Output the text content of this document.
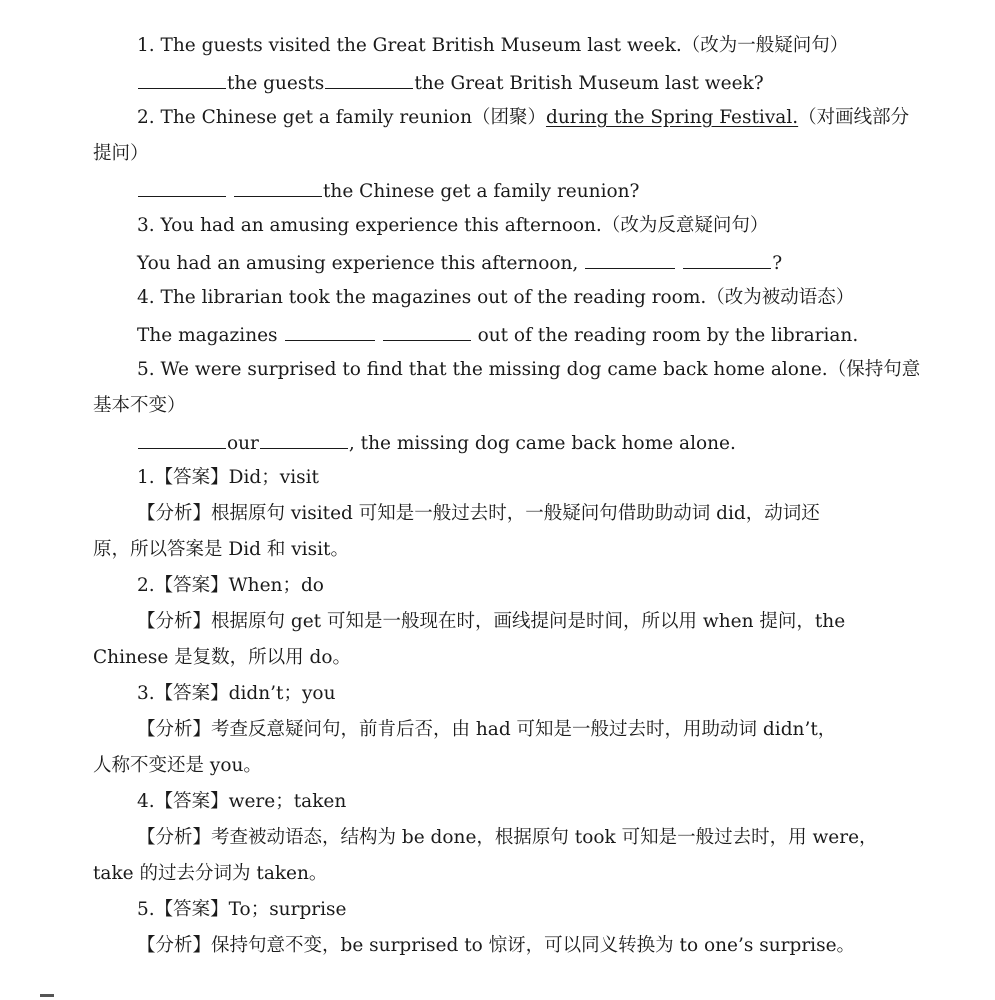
1. The guests visited the Great British Museum last week.（改为一般疑问句）
the guests	the Great British Museum last week?
2. The Chinese get a family reunion（团聚）during the Spring Festival.（对画线部分
提问）
the Chinese get a family reunion?
3. You had an amusing experience this afternoon.（改为反意疑问句）
You had an amusing experience this afternoon,	?
4. The librarian took the magazines out of the reading room.（改为被动语态）
The magazines	out of the reading room by the librarian.
5. We were surprised to find that the missing dog came back home alone.（保持句意
基本不变）
our	, the missing dog came back home alone.
1.【答案】Did；visit
【分析】根据原句 visited 可知是一般过去时，一般疑问句借助助动词 did，动词还
原，所以答案是 Did 和 visit。
2.【答案】When；do
【分析】根据原句 get 可知是一般现在时，画线提问是时间，所以用 when 提问，the
Chinese 是复数，所以用 do。
3.【答案】didn’t；you
【分析】考查反意疑问句，前肯后否，由 had 可知是一般过去时，用助动词 didn’t，
人称不变还是 you。
4.【答案】were；taken
【分析】考查被动语态，结构为 be done，根据原句 took 可知是一般过去时，用 were，
take 的过去分词为 taken。
5.【答案】To；surprise
【分析】保持句意不变，be surprised to 惊讶，可以同义转换为 to one’s surprise。
